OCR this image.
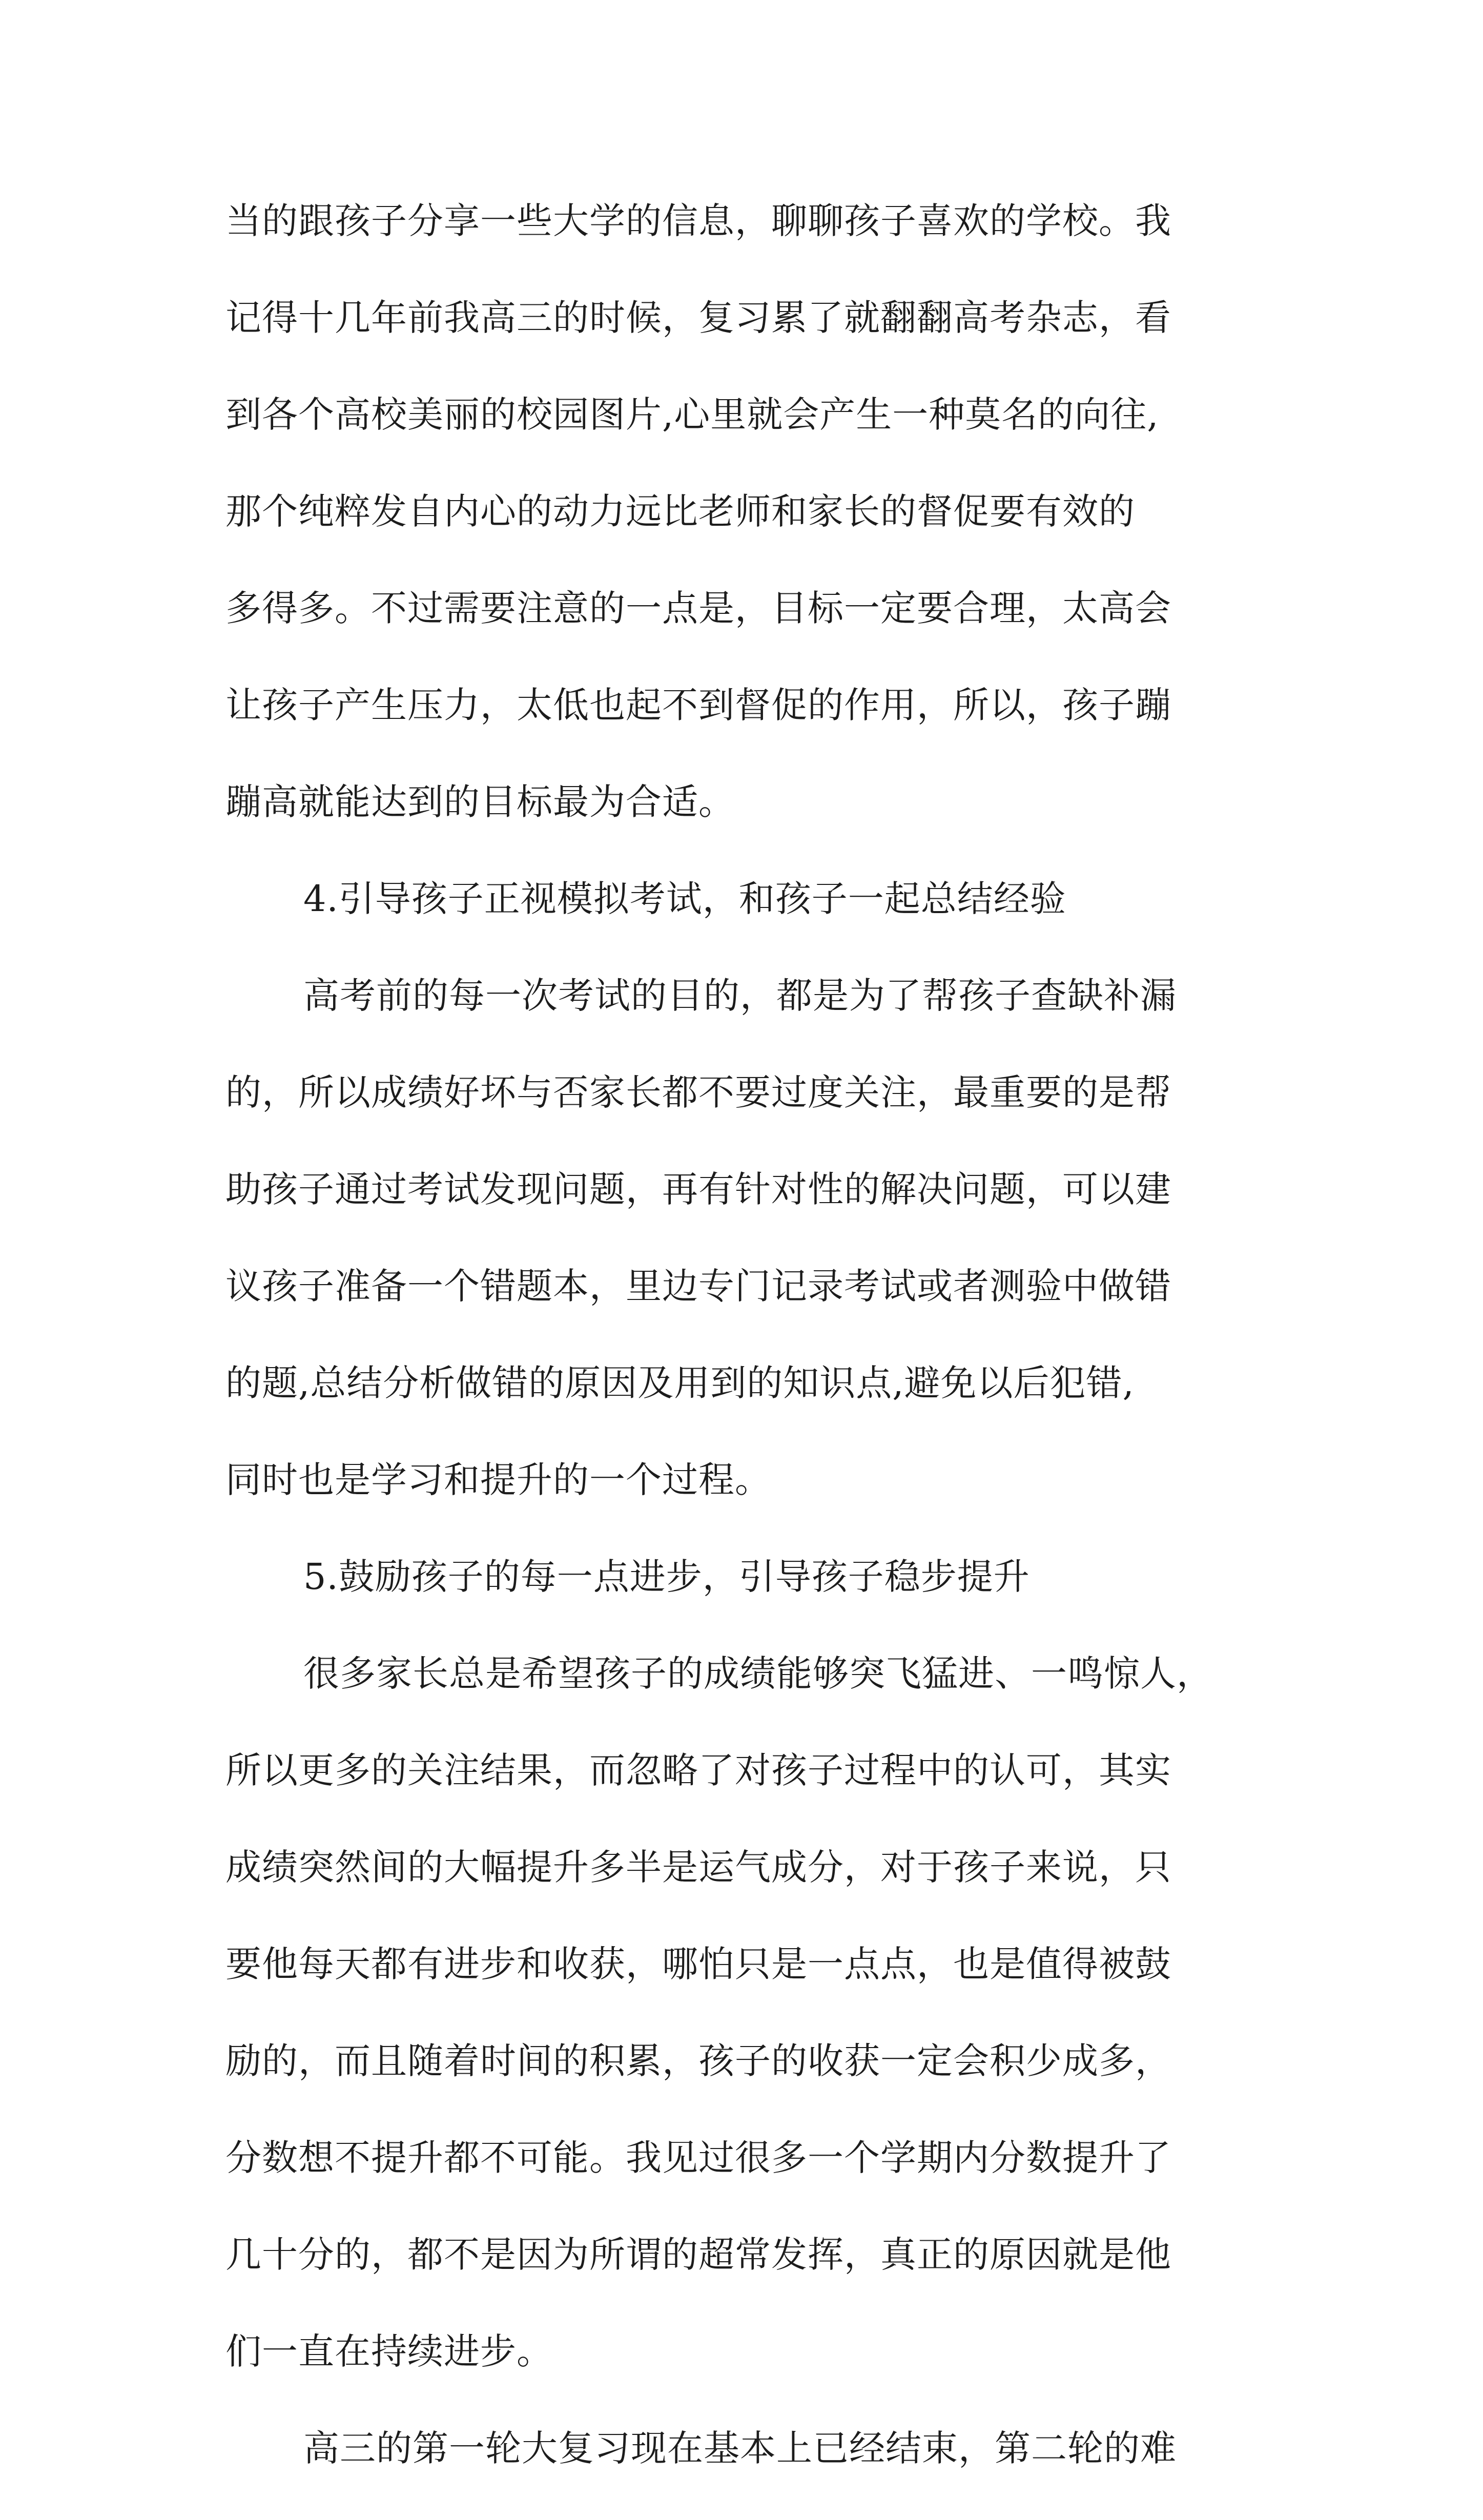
当的跟孩子分享一些大学的信息，聊聊孩子喜欢的学校。我
记得十几年前我高三的时候，复习累了就翻翻高考杂志，看
到各个高校美丽的校园图片,心里就会产生一种莫名的向往,
那个纯粹发自内心的动力远比老师和家长的督促要有效的
多得多。不过需要注意的一点是，目标一定要合理，太高会
让孩子产生压力，太低也起不到督促的作用，所以，孩子蹦
蹦高就能达到的目标最为合适。
4.引导孩子正视模拟考试，和孩子一起总结经验
高考前的每一次考试的目的，都是为了帮孩子查缺补漏
的，所以成绩好坏与否家长都不要过度关注，最重要的是帮
助孩子通过考试发现问题，再有针对性的解决问题，可以建
议孩子准备一个错题本，里边专门记录考试或者测验中做错
的题,总结分析做错的原因及用到的知识点,避免以后犯错,
同时也是学习和提升的一个过程。
5.鼓励孩子的每一点进步，引导孩子稳步提升
很多家长总是希望孩子的成绩能够突飞猛进、一鸣惊人，
所以更多的关注结果，而忽略了对孩子过程中的认可，其实
成绩突然间的大幅提升多半是运气成分，对于孩子来说，只
要他每天都有进步和收获，哪怕只是一点点，也是值得被鼓
励的，而且随着时间的积累，孩子的收获一定会积少成多，
分数想不提升都不可能。我见过很多一个学期内分数提升了
几十分的，都不是因为所谓的超常发挥，真正的原因就是他
们一直在持续进步。
高三的第一轮大复习现在基本上已经结束，第二轮的难
